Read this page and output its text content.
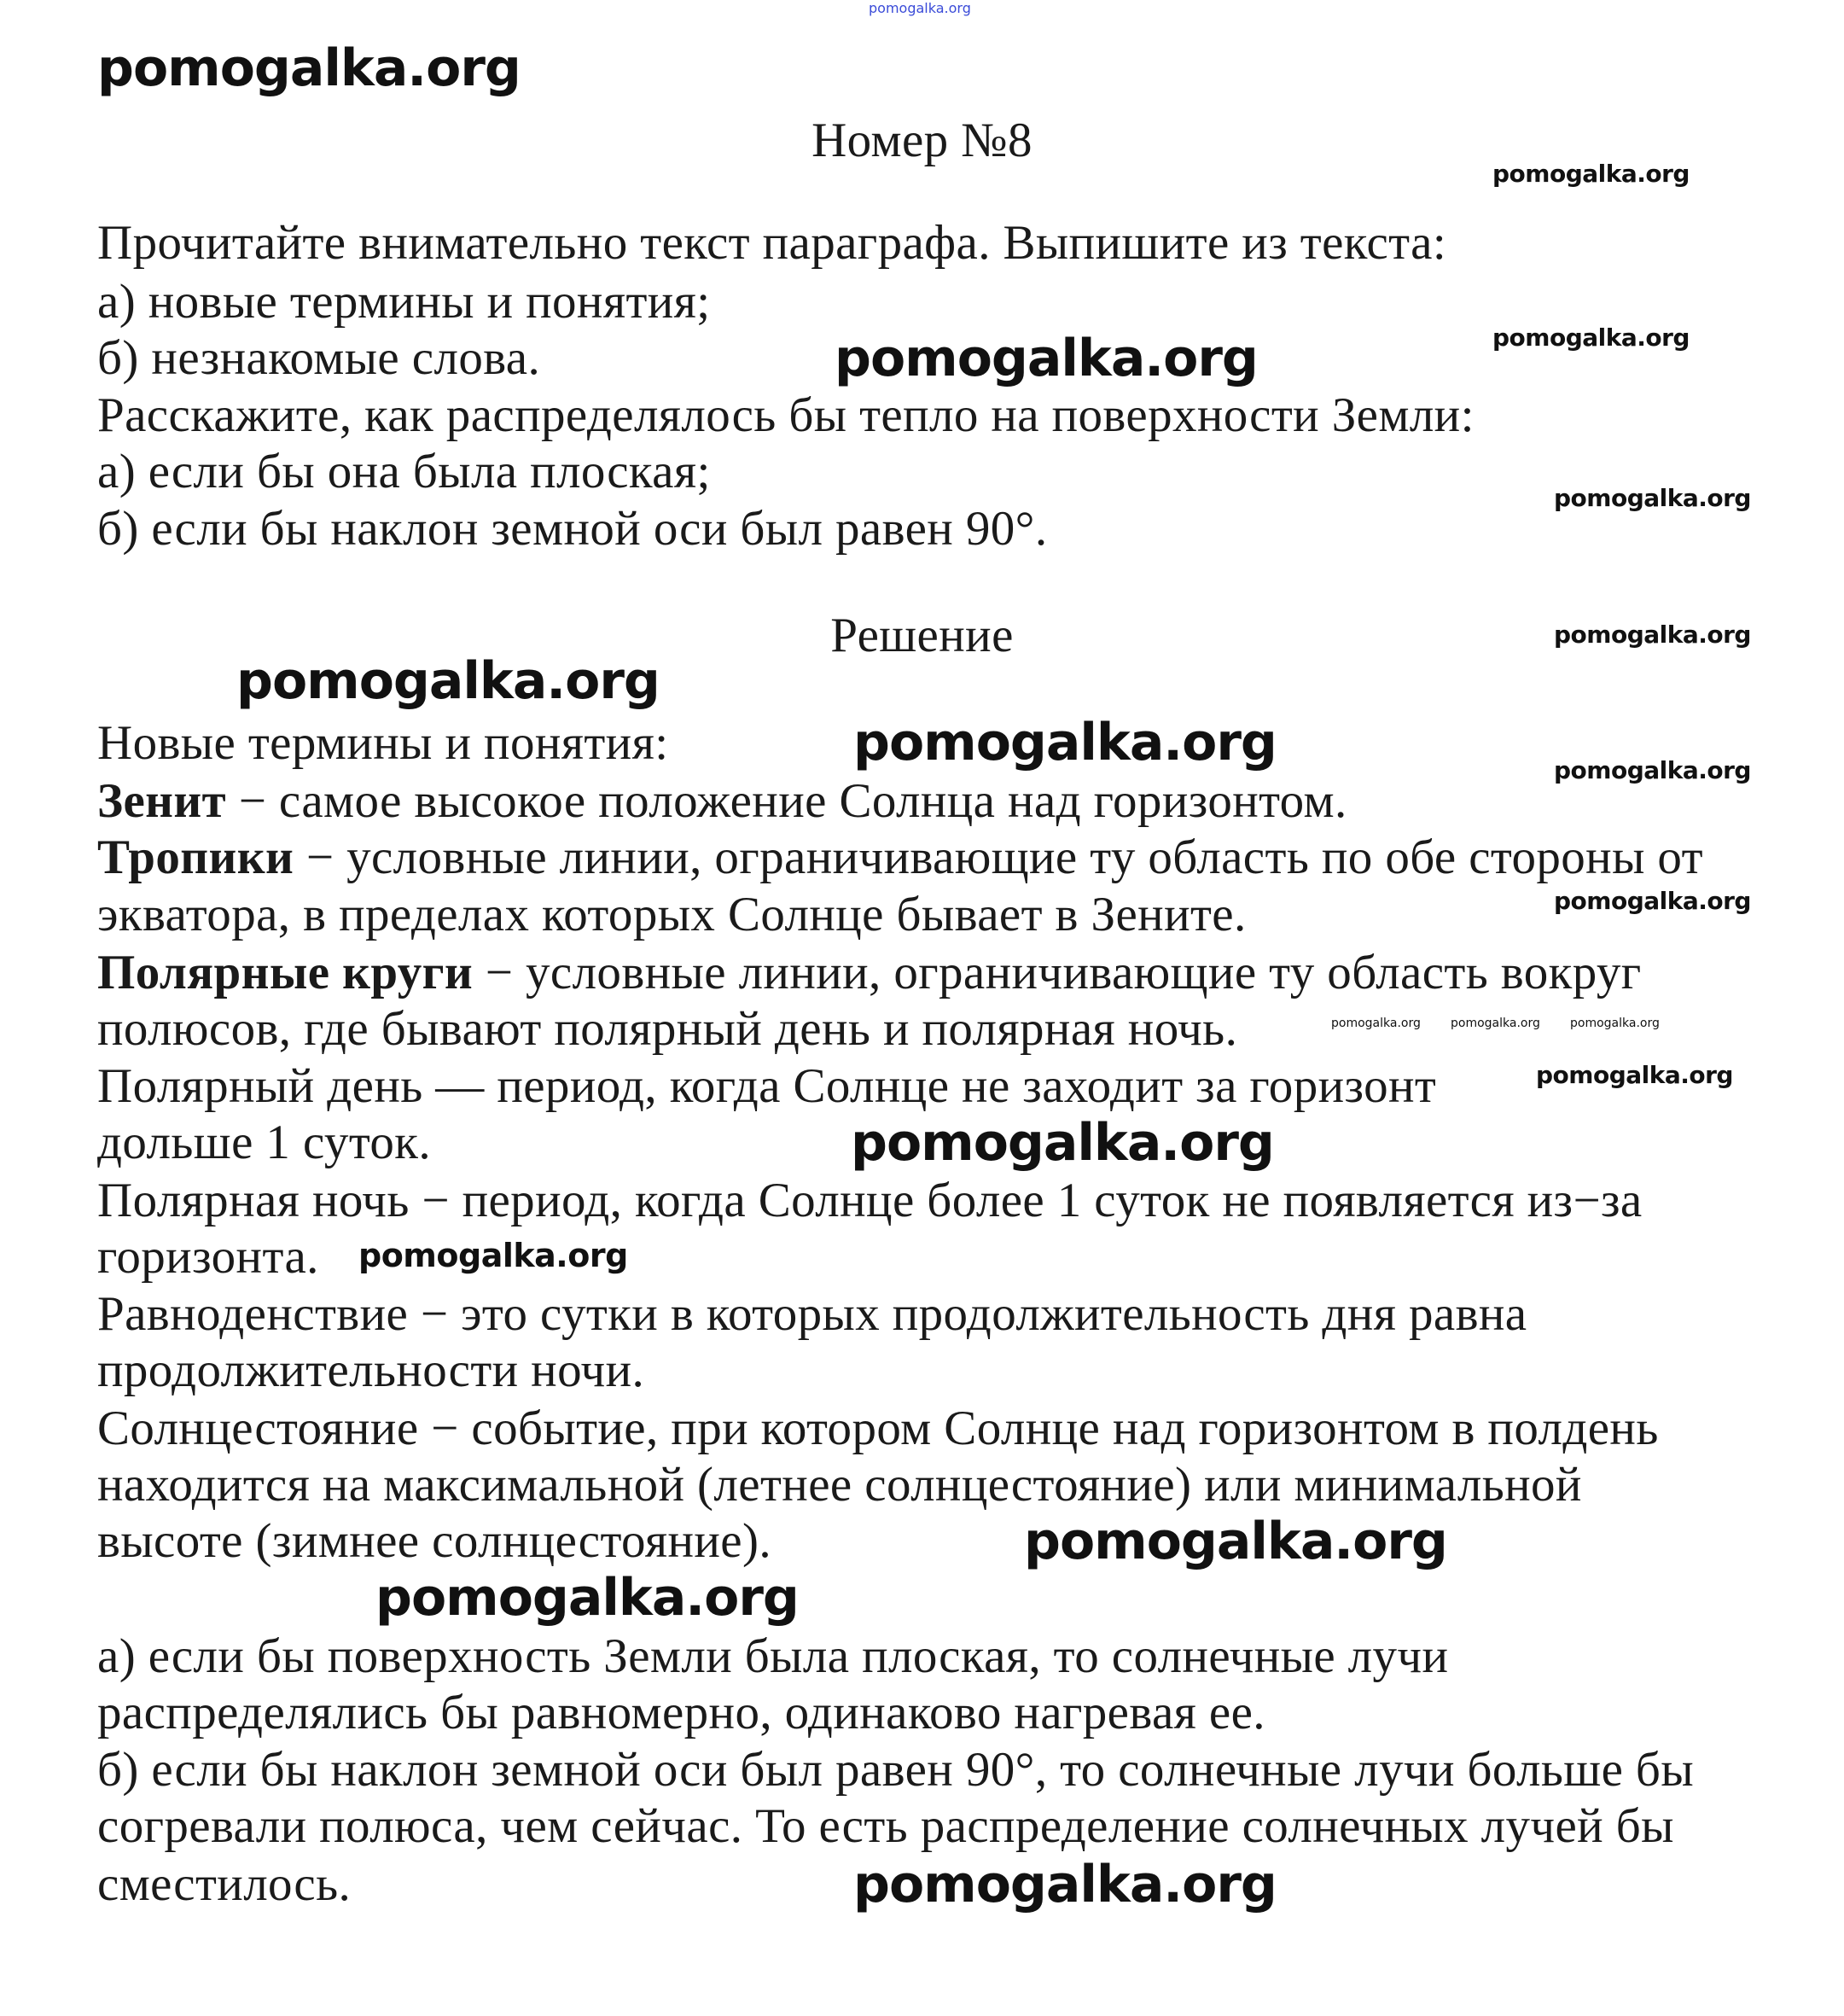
pomogalka.org
Номер №8
Решение
Прочитайте внимательно текст параграфа. Выпишите из текста:
а) новые термины и понятия;
б) незнакомые слова.
Расскажите, как распределялось бы тепло на поверхности Земли:
а) если бы она была плоская;
б) если бы наклон земной оси был равен 90°.
Новые термины и понятия:
Зенит − самое высокое положение Солнца над горизонтом.
Тропики − условные линии, ограничивающие ту область по обе стороны от
экватора, в пределах которых Солнце бывает в Зените.
Полярные круги − условные линии, ограничивающие ту область вокруг
полюсов, где бывают полярный день и полярная ночь.
Полярный день — период, когда Солнце не заходит за горизонт
дольше 1 суток.
Полярная ночь − период, когда Солнце более 1 суток не появляется из−за
горизонта.
Равноденствие − это сутки в которых продолжительность дня равна
продолжительности ночи.
Солнцестояние − событие, при котором Солнце над горизонтом в полдень
находится на максимальной (летнее солнцестояние) или минимальной
высоте (зимнее солнцестояние).
а) если бы поверхность Земли была плоская, то солнечные лучи
распределялись бы равномерно, одинаково нагревая ее.
б) если бы наклон земной оси был равен 90°, то солнечные лучи больше бы
согревали полюса, чем сейчас. То есть распределение солнечных лучей бы
сместилось.
pomogalka.org
pomogalka.org
pomogalka.org
pomogalka.org
pomogalka.org
pomogalka.org
pomogalka.org
pomogalka.org	pomogalka.org
pomogalka.org
pomogalka.org	pomogalka.org	pomogalka.org
pomogalka.org
pomogalka.org
pomogalka.org
pomogalka.org
pomogalka.org
pomogalka.org
